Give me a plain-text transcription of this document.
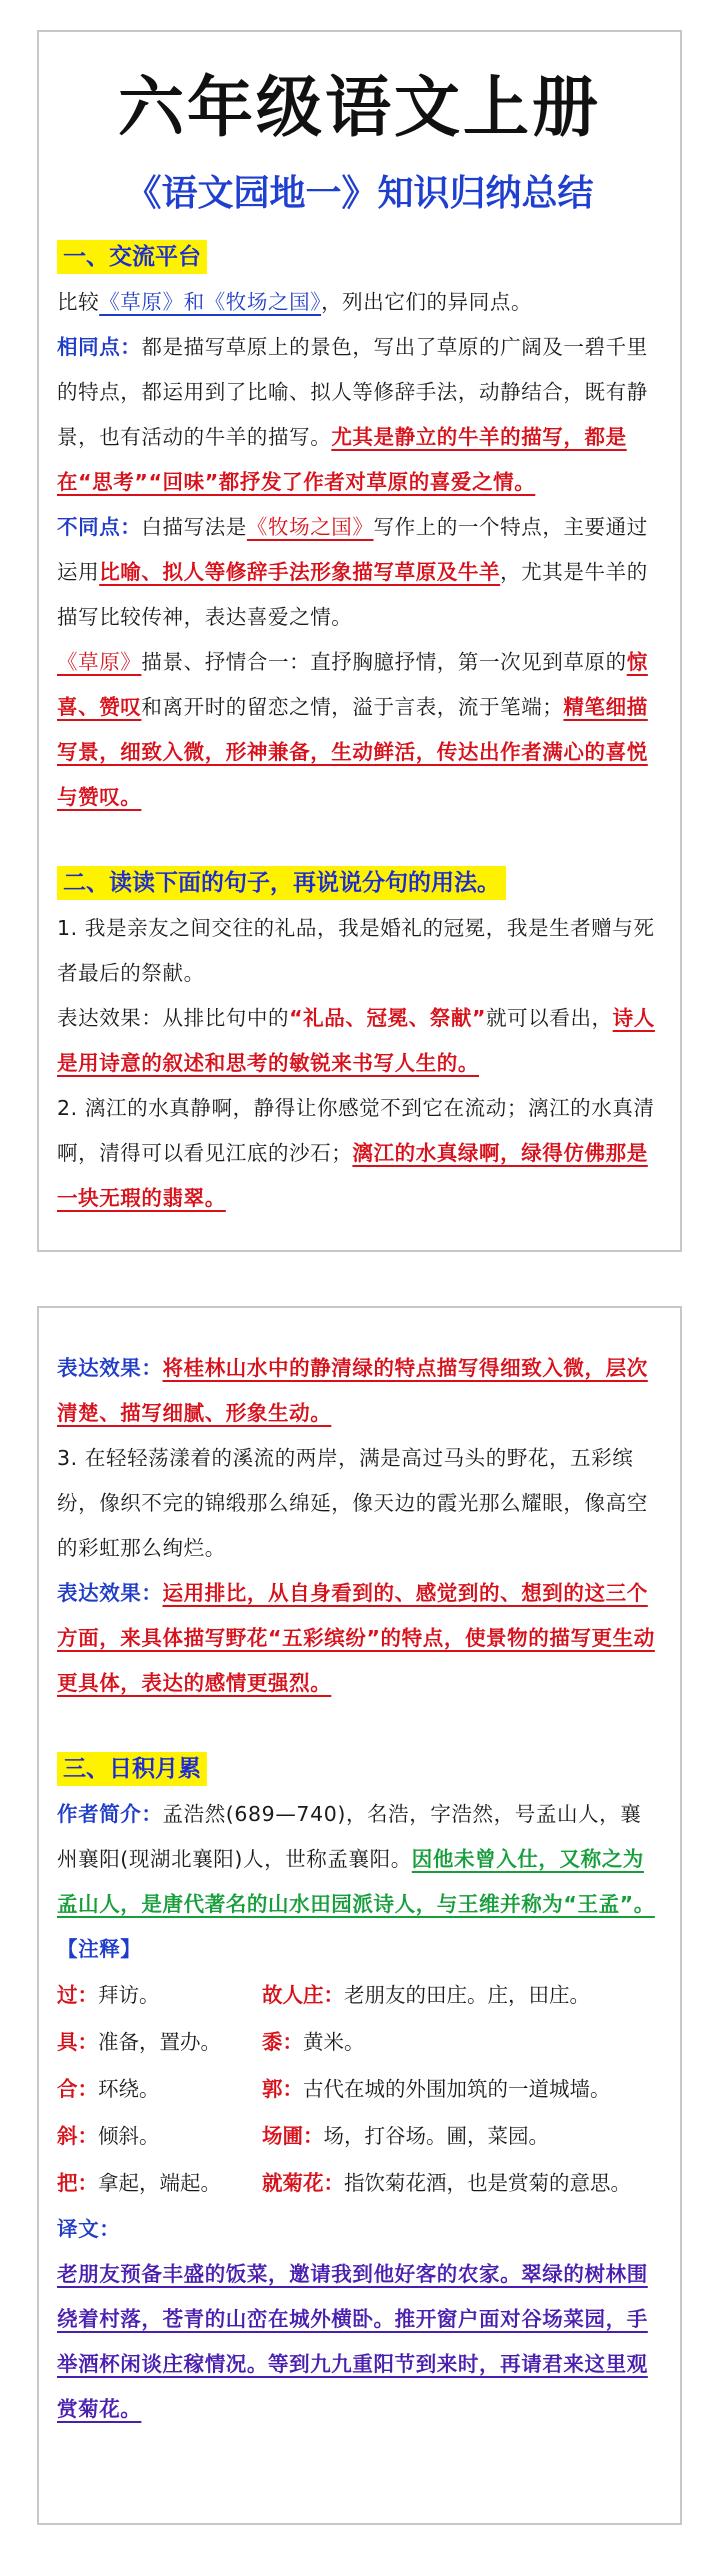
六年级语文上册
《语文园地一》知识归纳总结
一、交流平台

比较《草原》和《牧场之国》，列出它们的异同点。

相同点：都是描写草原上的景色，写出了草原的广阔及一碧千里的特点，都运用到了比喻、拟人等修辞手法，动静结合，既有静景，也有活动的牛羊的描写。尤其是静立的牛羊的描写，都是在“思考”“回味”都抒发了作者对草原的喜爱之情。

不同点：白描写法是《牧场之国》写作上的一个特点，主要通过运用比喻、拟人等修辞手法形象描写草原及牛羊，尤其是牛羊的描写比较传神，表达喜爱之情。

《草原》描景、抒情合一：直抒胸臆抒情，第一次见到草原的惊喜、赞叹和离开时的留恋之情，溢于言表，流于笔端；精笔细描写景，细致入微，形神兼备，生动鲜活，传达出作者满心的喜悦与赞叹。

二、读读下面的句子，再说说分句的用法。

1. 我是亲友之间交往的礼品，我是婚礼的冠冕，我是生者赠与死者最后的祭献。

表达效果：从排比句中的“礼品、冠冕、祭献”就可以看出，诗人是用诗意的叙述和思考的敏锐来书写人生的。

2. 漓江的水真静啊，静得让你感觉不到它在流动；漓江的水真清啊，清得可以看见江底的沙石；漓江的水真绿啊，绿得仿佛那是一块无瑕的翡翠。

表达效果：将桂林山水中的静清绿的特点描写得细致入微，层次清楚、描写细腻、形象生动。

3. 在轻轻荡漾着的溪流的两岸，满是高过马头的野花，五彩缤纷，像织不完的锦缎那么绵延，像天边的霞光那么耀眼，像高空的彩虹那么绚烂。

表达效果：运用排比，从自身看到的、感觉到的、想到的这三个方面，来具体描写野花“五彩缤纷”的特点，使景物的描写更生动更具体，表达的感情更强烈。

三、日积月累

作者简介：孟浩然(689—740)，名浩，字浩然，号孟山人，襄州襄阳(现湖北襄阳)人，世称孟襄阳。因他未曾入仕，又称之为孟山人，是唐代著名的山水田园派诗人，与王维并称为“王孟”。

【注释】

过：拜访。	故人庄：老朋友的田庄。庄，田庄。
具：准备，置办。	黍：黄米。
合：环绕。	郭：古代在城的外围加筑的一道城墙。
斜：倾斜。	场圃：场，打谷场。圃，菜园。
把：拿起，端起。	就菊花：指饮菊花酒，也是赏菊的意思。

译文：

老朋友预备丰盛的饭菜，邀请我到他好客的农家。翠绿的树林围绕着村落，苍青的山峦在城外横卧。推开窗户面对谷场菜园，手举酒杯闲谈庄稼情况。等到九九重阳节到来时，再请君来这里观赏菊花。
